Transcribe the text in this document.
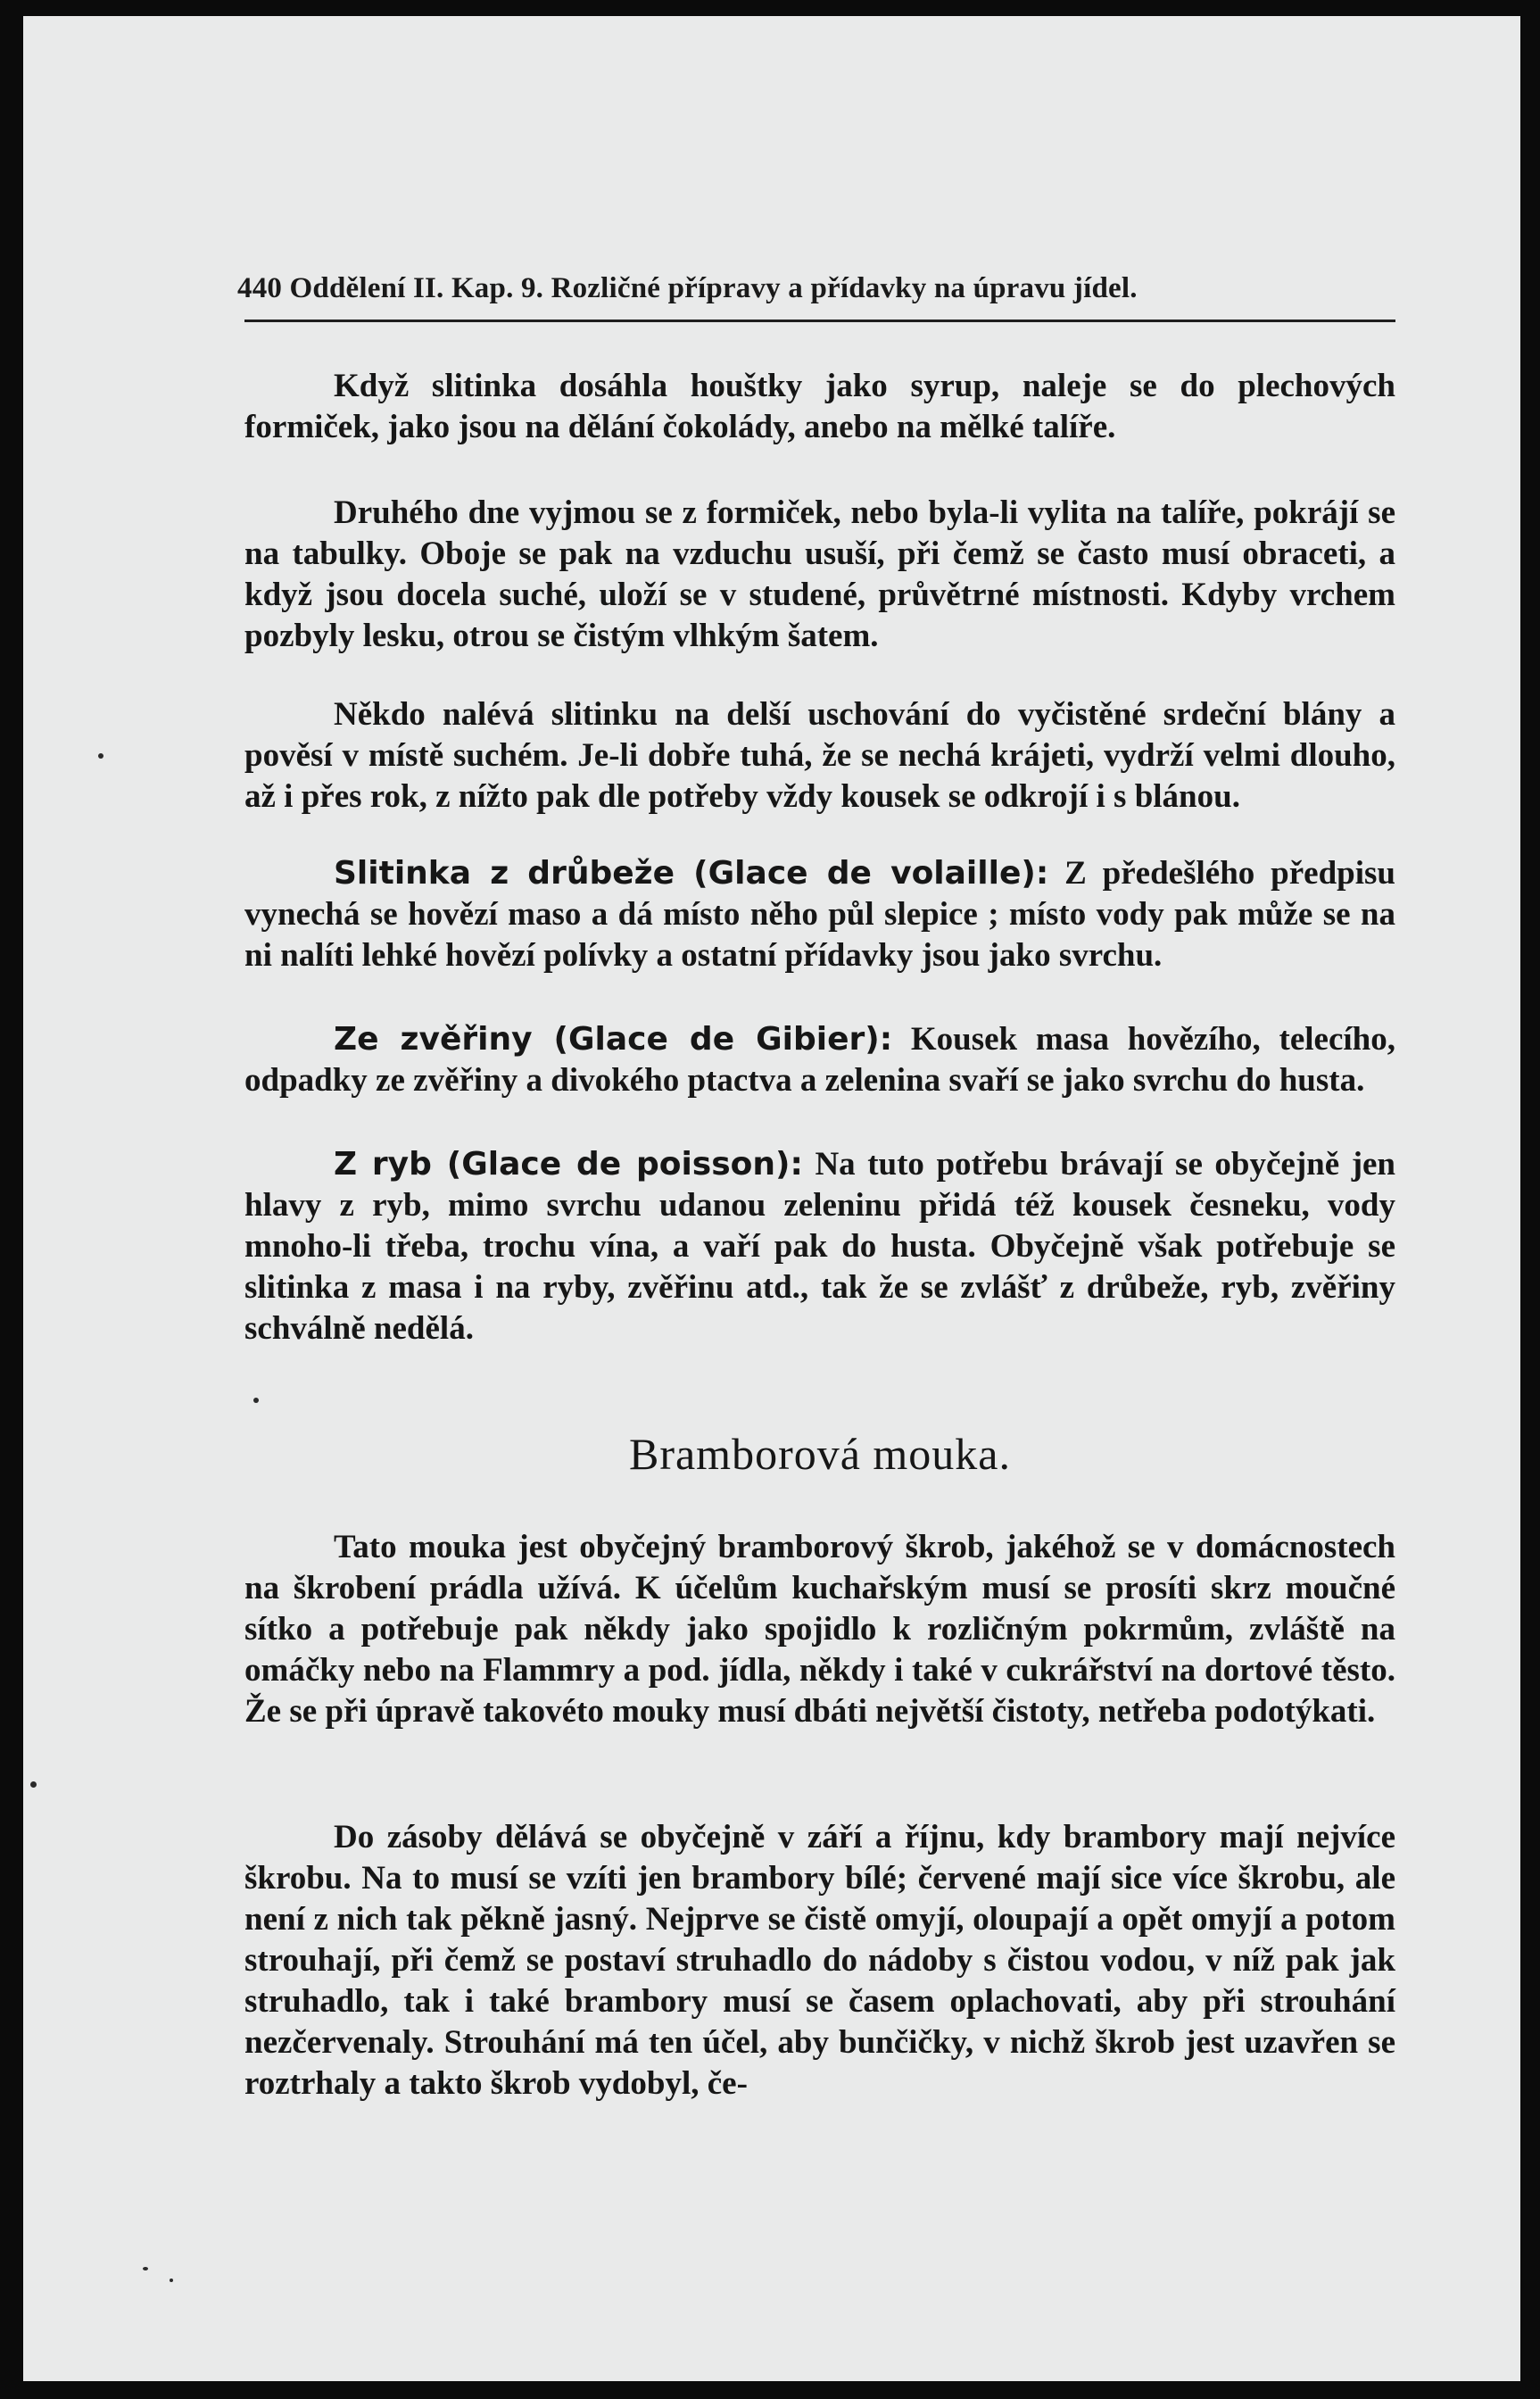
440 Oddělení II. Kap. 9. Rozličné přípravy a přídavky na úpravu jídel.

Když slitinka dosáhla houštky jako syrup, naleje se do plechových formiček, jako jsou na dělání čokolády, anebo na mělké talíře.

Druhého dne vyjmou se z formiček, nebo byla-li vylita na talíře, pokrájí se na tabulky. Oboje se pak na vzduchu usuší, při čemž se často musí obraceti, a když jsou docela suché, uloží se v studené, průvětrné místnosti. Kdyby vrchem pozbyly lesku, otrou se čistým vlhkým šatem.

Někdo nalévá slitinku na delší uschování do vyčistěné srdeční blány a pověsí v místě suchém. Je-li dobře tuhá, že se nechá krájeti, vydrží velmi dlouho, až i přes rok, z nížto pak dle potřeby vždy kousek se odkrojí i s blánou.

Slitinka z drůbeže (Glace de volaille): Z předešlého předpisu vynechá se hovězí maso a dá místo něho půl slepice ; místo vody pak může se na ni nalíti lehké hovězí polívky a ostatní přídavky jsou jako svrchu.

Ze zvěřiny (Glace de Gibier): Kousek masa hovězího, telecího, odpadky ze zvěřiny a divokého ptactva a zelenina svaří se jako svrchu do husta.

Z ryb (Glace de poisson): Na tuto potřebu brávají se obyčejně jen hlavy z ryb, mimo svrchu udanou zeleninu přidá též kousek česneku, vody mnoho-li třeba, trochu vína, a vaří pak do husta. Obyčejně však potřebuje se slitinka z masa i na ryby, zvěřinu atd., tak že se zvlášť z drůbeže, ryb, zvěřiny schválně nedělá.

Bramborová mouka.

Tato mouka jest obyčejný bramborový škrob, jakéhož se v domácnostech na škrobení prádla užívá. K účelům kuchařským musí se prosíti skrz moučné sítko a potřebuje pak někdy jako spojidlo k rozličným pokrmům, zvláště na omáčky nebo na Flammry a pod. jídla, někdy i také v cukrářství na dortové těsto. Že se při úpravě takovéto mouky musí dbáti největší čistoty, netřeba podotýkati.

Do zásoby dělává se obyčejně v září a říjnu, kdy brambory mají nejvíce škrobu. Na to musí se vzíti jen brambory bílé; červené mají sice více škrobu, ale není z nich tak pěkně jasný. Nejprve se čistě omyjí, oloupají a opět omyjí a potom strouhají, při čemž se postaví struhadlo do nádoby s čistou vodou, v níž pak jak struhadlo, tak i také brambory musí se časem oplachovati, aby při strouhání nezčervenaly. Strouhání má ten účel, aby bunčičky, v nichž škrob jest uzavřen se roztrhaly a takto škrob vydobyl, če-
